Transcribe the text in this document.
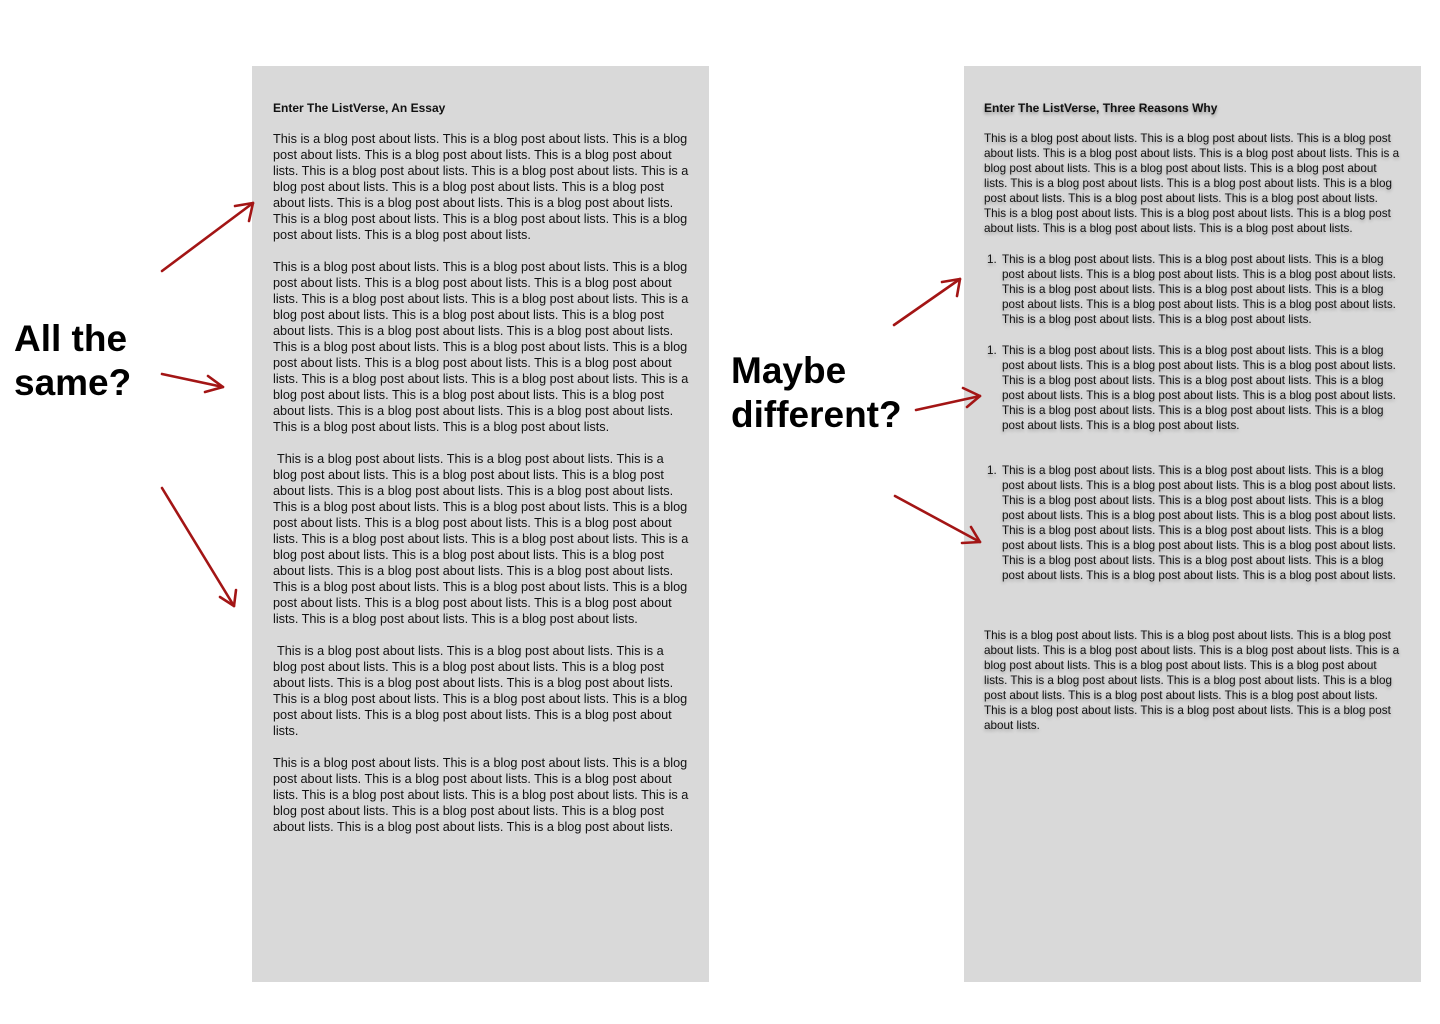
All the same?	Maybe different?

Enter The ListVerse, An Essay

This is a blog post about lists. This is a blog post about lists. This is a blog post about lists. This is a blog post about lists. This is a blog post about lists. This is a blog post about lists. This is a blog post about lists. This is a blog post about lists. This is a blog post about lists. This is a blog post about lists. This is a blog post about lists. This is a blog post about lists. This is a blog post about lists. This is a blog post about lists. This is a blog post about lists. This is a blog post about lists.

This is a blog post about lists. This is a blog post about lists. This is a blog post about lists. This is a blog post about lists. This is a blog post about lists. This is a blog post about lists. This is a blog post about lists. This is a blog post about lists. This is a blog post about lists. This is a blog post about lists. This is a blog post about lists. This is a blog post about lists. This is a blog post about lists. This is a blog post about lists. This is a blog post about lists. This is a blog post about lists. This is a blog post about lists. This is a blog post about lists. This is a blog post about lists. This is a blog post about lists. This is a blog post about lists. This is a blog post about lists. This is a blog post about lists. This is a blog post about lists. This is a blog post about lists. This is a blog post about lists.

This is a blog post about lists. This is a blog post about lists. This is a blog post about lists. This is a blog post about lists. This is a blog post about lists. This is a blog post about lists. This is a blog post about lists. This is a blog post about lists. This is a blog post about lists. This is a blog post about lists. This is a blog post about lists. This is a blog post about lists. This is a blog post about lists. This is a blog post about lists. This is a blog post about lists. This is a blog post about lists. This is a blog post about lists. This is a blog post about lists. This is a blog post about lists. This is a blog post about lists. This is a blog post about lists. This is a blog post about lists. This is a blog post about lists. This is a blog post about lists. This is a blog post about lists. This is a blog post about lists.

This is a blog post about lists. This is a blog post about lists. This is a blog post about lists. This is a blog post about lists. This is a blog post about lists. This is a blog post about lists. This is a blog post about lists. This is a blog post about lists. This is a blog post about lists. This is a blog post about lists. This is a blog post about lists. This is a blog post about lists.

This is a blog post about lists. This is a blog post about lists. This is a blog post about lists. This is a blog post about lists. This is a blog post about lists. This is a blog post about lists. This is a blog post about lists. This is a blog post about lists. This is a blog post about lists. This is a blog post about lists. This is a blog post about lists. This is a blog post about lists.

Enter The ListVerse, Three Reasons Why

This is a blog post about lists. This is a blog post about lists. This is a blog post about lists. This is a blog post about lists. This is a blog post about lists. This is a blog post about lists. This is a blog post about lists. This is a blog post about lists. This is a blog post about lists. This is a blog post about lists. This is a blog post about lists. This is a blog post about lists. This is a blog post about lists. This is a blog post about lists. This is a blog post about lists. This is a blog post about lists. This is a blog post about lists. This is a blog post about lists.

1. This is a blog post about lists. This is a blog post about lists. This is a blog post about lists. This is a blog post about lists. This is a blog post about lists. This is a blog post about lists. This is a blog post about lists. This is a blog post about lists. This is a blog post about lists. This is a blog post about lists. This is a blog post about lists. This is a blog post about lists.

1. This is a blog post about lists. This is a blog post about lists. This is a blog post about lists. This is a blog post about lists. This is a blog post about lists. This is a blog post about lists. This is a blog post about lists. This is a blog post about lists. This is a blog post about lists. This is a blog post about lists. This is a blog post about lists. This is a blog post about lists. This is a blog post about lists. This is a blog post about lists.

1. This is a blog post about lists. This is a blog post about lists. This is a blog post about lists. This is a blog post about lists. This is a blog post about lists. This is a blog post about lists. This is a blog post about lists. This is a blog post about lists. This is a blog post about lists. This is a blog post about lists. This is a blog post about lists. This is a blog post about lists. This is a blog post about lists. This is a blog post about lists. This is a blog post about lists. This is a blog post about lists. This is a blog post about lists. This is a blog post about lists. This is a blog post about lists. This is a blog post about lists.

This is a blog post about lists. This is a blog post about lists. This is a blog post about lists. This is a blog post about lists. This is a blog post about lists. This is a blog post about lists. This is a blog post about lists. This is a blog post about lists. This is a blog post about lists. This is a blog post about lists. This is a blog post about lists. This is a blog post about lists. This is a blog post about lists. This is a blog post about lists. This is a blog post about lists. This is a blog post about lists.
